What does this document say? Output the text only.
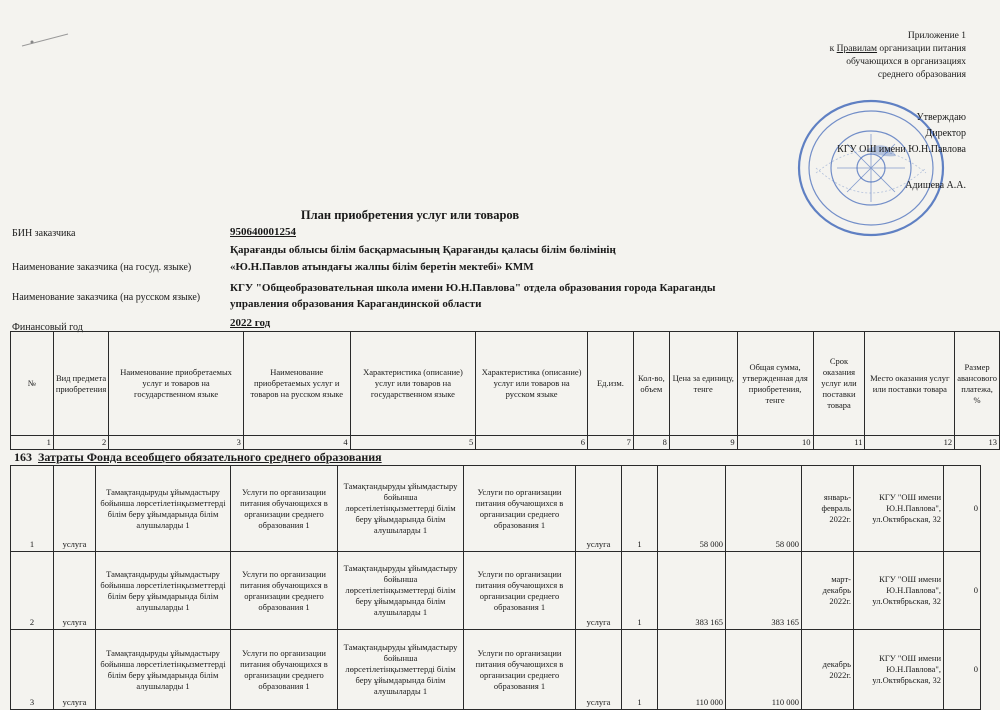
Приложение 1
к Правилам организации питания
обучающихся в организациях
среднего образования
Утверждаю
Директор
КГУ ОШ имени Ю.Н.Павлова
Адишева А.А.
План приобретения услуг или товаров
БИН заказчика	950640001254
Наименование заказчика (на госуд. языке)
Қарағанды облысы білім басқармасының Қарағанды қаласы білім бөлімінің
«Ю.Н.Павлов атындағы жалпы білім беретін мектебі» КММ
Наименование заказчика (на русском языке)
КГУ "Общеобразовательная школа имени Ю.Н.Павлова" отдела образования города Караганды
управления образования Карагандинской области
Финансовый год	2022 год
№	Вид предмета приобретения	Наименование приобретаемых услуг и товаров на государственном языке	Наименование приобретаемых услуг и товаров на русском языке	Характеристика (описание) услуг или товаров на государственном языке	Характеристика (описание) услуг или товаров на русском языке	Ед.изм.	Кол-во, объем	Цена за единицу, тенге	Общая сумма, утвержденная для приобретения, тенге	Срок оказания услуг или поставки товара	Место оказания услуг или поставки товара	Размер авансового платежа, %
1	2	3	4	5	6	7	8	9	10	11	12	13
163 Затраты Фонда всеобщего обязательного среднего образования
1	услуга	Тамақтандыруды ұйымдастыру бойынша лөрсетілетінқызметтерді білім беру ұйымдарында білім алушыларды 1	Услуги по организации питания обучающихся в организации среднего образования 1	Тамақтандыруды ұйымдастыру бойынша лөрсетілетінқызметтерді білім беру ұйымдарында білім алушыларды 1	Услуги по организации питания обучающихся в организации среднего образования 1	услуга	1	58 000	58 000	январь-февраль 2022г.	КГУ "ОШ имени Ю.Н.Павлова", ул.Октябрьская, 32	0
2	услуга	Тамақтандыруды ұйымдастыру бойынша лөрсетілетінқызметтерді білім беру ұйымдарында білім алушыларды 1	Услуги по организации питания обучающихся в организации среднего образования 1	Тамақтандыруды ұйымдастыру бойынша лөрсетілетінқызметтерді білім беру ұйымдарында білім алушыларды 1	Услуги по организации питания обучающихся в организации среднего образования 1	услуга	1	383 165	383 165	март-декабрь 2022г.	КГУ "ОШ имени Ю.Н.Павлова", ул.Октябрьская, 32	0
3	услуга	Тамақтандыруды ұйымдастыру бойынша лөрсетілетінқызметтерді білім беру ұйымдарында білім алушыларды 1	Услуги по организации питания обучающихся в организации среднего образования 1	Тамақтандыруды ұйымдастыру бойынша лөрсетілетінқызметтерді білім беру ұйымдарында білім алушыларды 1	Услуги по организации питания обучающихся в организации среднего образования 1	услуга	1	110 000	110 000	декабрь 2022г.	КГУ "ОШ имени Ю.Н.Павлова", ул.Октябрьская, 32	0
